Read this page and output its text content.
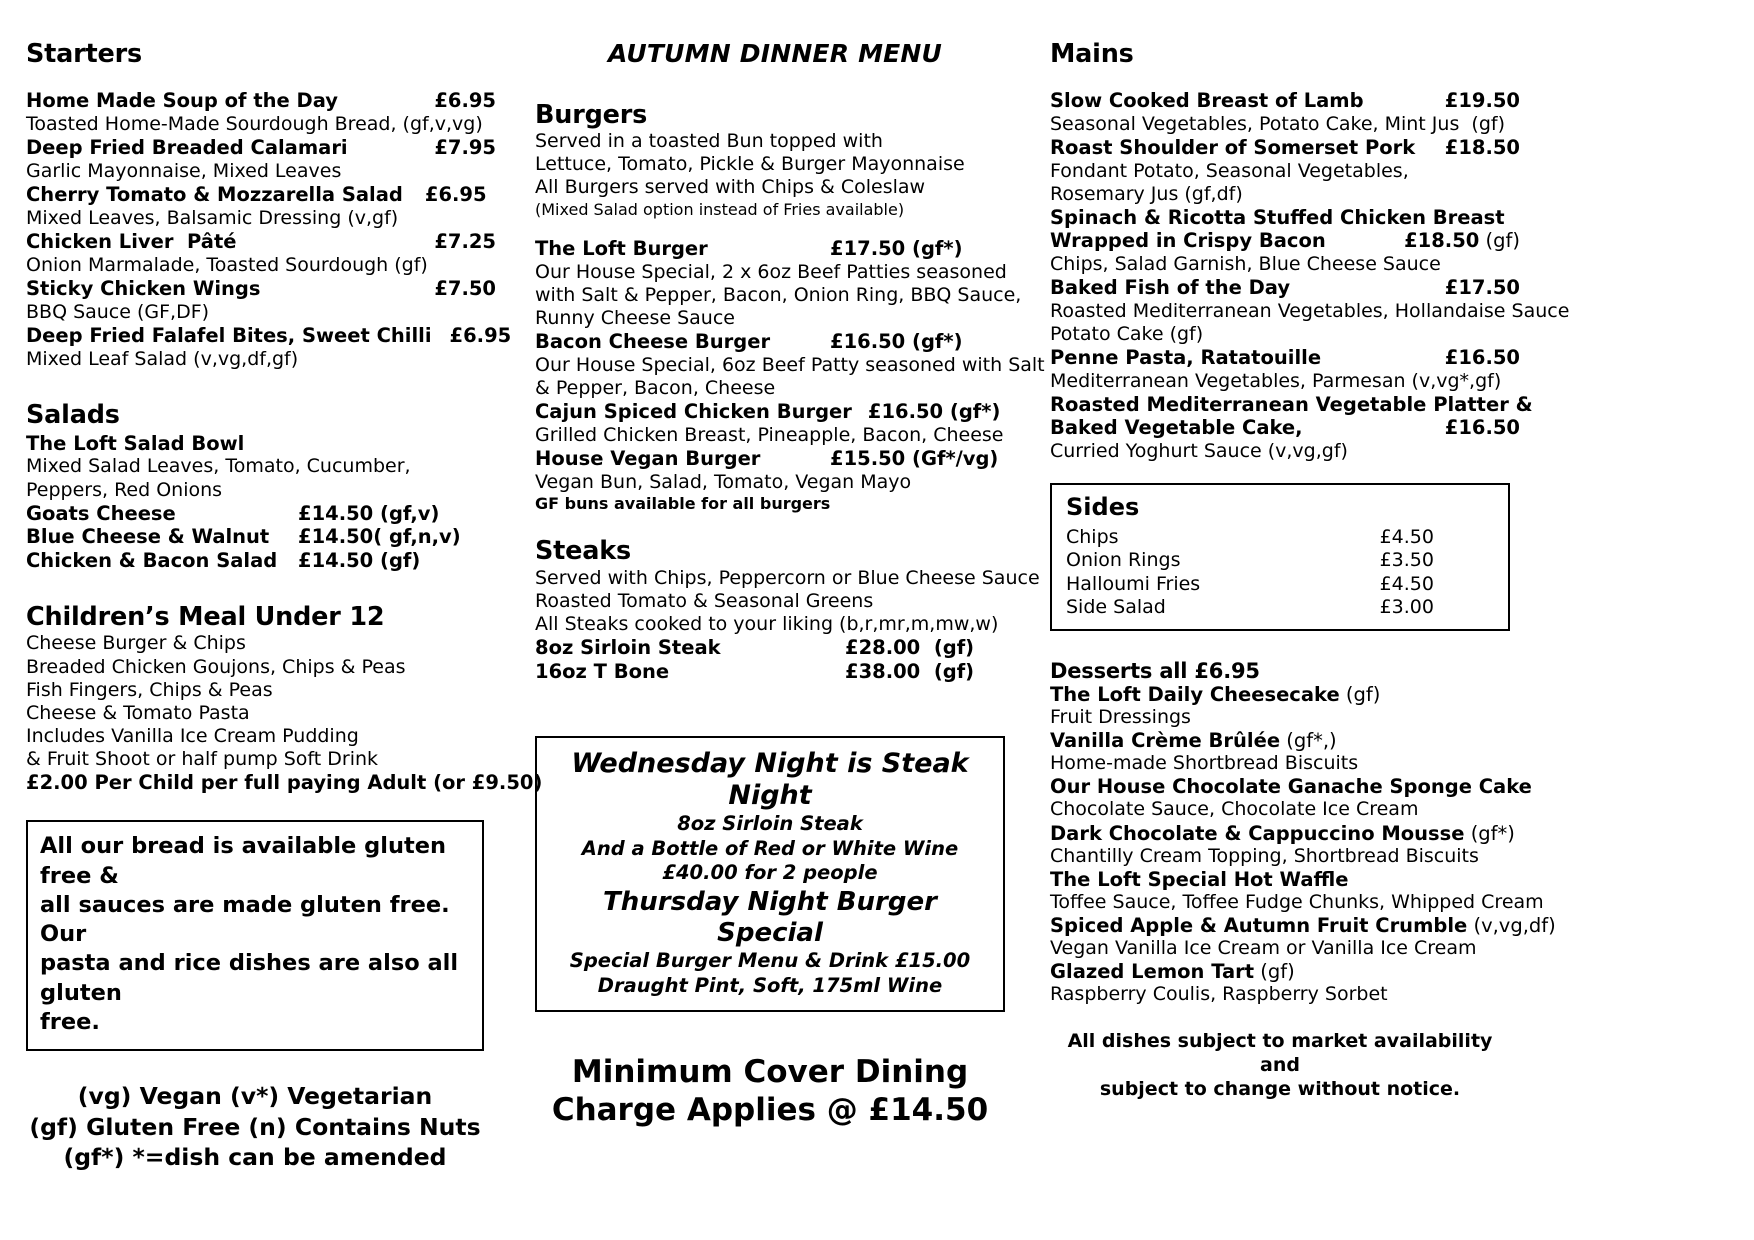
Starters
Home Made Soup of the Day	£6.95
Toasted Home-Made Sourdough Bread, (gf,v,vg)
Deep Fried Breaded Calamari	£7.95
Garlic Mayonnaise, Mixed Leaves
Cherry Tomato & Mozzarella Salad £6.95
Mixed Leaves, Balsamic Dressing (v,gf)
Chicken Liver  Pâté	£7.25
Onion Marmalade, Toasted Sourdough (gf)
Sticky Chicken Wings	£7.50
BBQ Sauce (GF,DF)
Deep Fried Falafel Bites, Sweet Chilli £6.95
Mixed Leaf Salad (v,vg,df,gf)
Salads
The Loft Salad Bowl
Mixed Salad Leaves, Tomato, Cucumber,
Peppers, Red Onions
Goats Cheese	£14.50 (gf,v)
Blue Cheese & Walnut	£14.50( gf,n,v)
Chicken & Bacon Salad	£14.50 (gf)
Children’s Meal Under 12
Cheese Burger & Chips
Breaded Chicken Goujons, Chips & Peas
Fish Fingers, Chips & Peas
Cheese & Tomato Pasta
Includes Vanilla Ice Cream Pudding
& Fruit Shoot or half pump Soft Drink
£2.00 Per Child per full paying Adult (or £9.50)
All our bread is available gluten free &
all sauces are made gluten free. Our
pasta and rice dishes are also all gluten
free.
(vg) Vegan (v*) Vegetarian
(gf) Gluten Free (n) Contains Nuts
(gf*) *=dish can be amended
AUTUMN DINNER MENU
Burgers
Served in a toasted Bun topped with
Lettuce, Tomato, Pickle & Burger Mayonnaise
All Burgers served with Chips & Coleslaw
(Mixed Salad option instead of Fries available)
The Loft Burger	£17.50 (gf*)
Our House Special, 2 x 6oz Beef Patties seasoned
with Salt & Pepper, Bacon, Onion Ring, BBQ Sauce,
Runny Cheese Sauce
Bacon Cheese Burger	£16.50 (gf*)
Our House Special, 6oz Beef Patty seasoned with Salt
& Pepper, Bacon, Cheese
Cajun Spiced Chicken Burger £16.50 (gf*)
Grilled Chicken Breast, Pineapple, Bacon, Cheese
House Vegan Burger	£15.50 (Gf*/vg)
Vegan Bun, Salad, Tomato, Vegan Mayo
GF buns available for all burgers
Steaks
Served with Chips, Peppercorn or Blue Cheese Sauce
Roasted Tomato & Seasonal Greens
All Steaks cooked to your liking (b,r,mr,m,mw,w)
8oz Sirloin Steak	£28.00  (gf)
16oz T Bone	£38.00  (gf)
Wednesday Night is Steak Night
8oz Sirloin Steak
And a Bottle of Red or White Wine
£40.00 for 2 people
Thursday Night Burger Special
Special Burger Menu & Drink £15.00
Draught Pint, Soft, 175ml Wine
Minimum Cover Dining
Charge Applies @ £14.50
Mains
Slow Cooked Breast of Lamb	£19.50
Seasonal Vegetables, Potato Cake, Mint Jus  (gf)
Roast Shoulder of Somerset Pork £18.50
Fondant Potato, Seasonal Vegetables,
Rosemary Jus (gf,df)
Spinach & Ricotta Stuffed Chicken Breast
Wrapped in Crispy Bacon	£18.50 (gf)
Chips, Salad Garnish, Blue Cheese Sauce
Baked Fish of the Day	£17.50
Roasted Mediterranean Vegetables, Hollandaise Sauce
Potato Cake (gf)
Penne Pasta, Ratatouille	£16.50
Mediterranean Vegetables, Parmesan (v,vg*,gf)
Roasted Mediterranean Vegetable Platter &
Baked Vegetable Cake,	£16.50
Curried Yoghurt Sauce (v,vg,gf)
Sides
Chips	£4.50
Onion Rings	£3.50
Halloumi Fries	£4.50
Side Salad	£3.00
Desserts all £6.95
The Loft Daily Cheesecake (gf)
Fruit Dressings
Vanilla Crème Brûlée (gf*,)
Home-made Shortbread Biscuits
Our House Chocolate Ganache Sponge Cake
Chocolate Sauce, Chocolate Ice Cream
Dark Chocolate & Cappuccino Mousse (gf*)
Chantilly Cream Topping, Shortbread Biscuits
The Loft Special Hot Waffle
Toffee Sauce, Toffee Fudge Chunks, Whipped Cream
Spiced Apple & Autumn Fruit Crumble (v,vg,df)
Vegan Vanilla Ice Cream or Vanilla Ice Cream
Glazed Lemon Tart (gf)
Raspberry Coulis, Raspberry Sorbet
All dishes subject to market availability and
subject to change without notice.
